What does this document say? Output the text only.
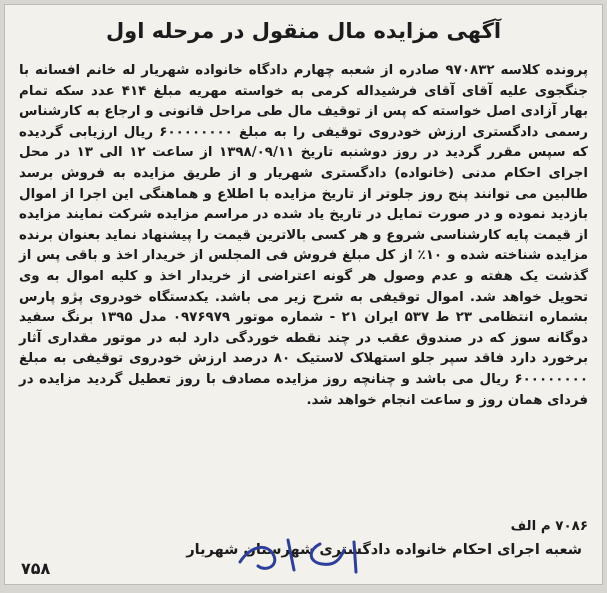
آگهی مزایده مال منقول در مرحله اول

پرونده کلاسه ۹۷۰۸۳۲ صادره از شعبه چهارم دادگاه خانواده شهریار له خانم افسانه با جنگجوی علیه آقای آقای فرشیداله کرمی به خواسته مهریه مبلغ ۴۱۴ عدد سکه تمام بهار آزادی اصل خواسته که پس از توقیف مال طی مراحل قانونی و ارجاع به کارشناس رسمی دادگستری ارزش خودروی توقیفی را به مبلغ ۶۰۰۰۰۰۰۰۰ ریال ارزیابی گردیده که سپس مقرر گردید در روز دوشنبه تاریخ ۱۳۹۸/۰۹/۱۱ از ساعت ۱۲ الی ۱۳ در محل اجرای احکام مدنی (خانواده) دادگستری شهریار و از طریق مزایده به فروش برسد طالبین می توانند پنج روز جلوتر از تاریخ مزایده با اطلاع و هماهنگی این اجرا از اموال بازدید نموده و در صورت تمایل در تاریخ یاد شده در مراسم مزایده شرکت نمایند مزایده از قیمت پایه کارشناسی شروع و هر کسی بالاترین قیمت را پیشنهاد نماید بعنوان برنده مزایده شناخته شده و ۱۰٪ از کل مبلغ فروش فی المجلس از خریدار اخذ و باقی پس از گذشت یک هفته و عدم وصول هر گونه اعتراضی از خریدار اخذ و کلیه اموال به وی تحویل خواهد شد. اموال توقیفی به شرح زیر می باشد. یکدستگاه خودروی پژو پارس بشماره انتظامی ۲۳ ط ۵۳۷ ایران ۲۱ - شماره موتور ۰۹۷۶۹۷۹ مدل ۱۳۹۵ برنگ سفید دوگانه سوز که در صندوق عقب در چند نقطه خوردگی دارد لبه در موتور مقداری آثار برخورد دارد فاقد سپر جلو استهلاک لاستیک ۸۰ درصد ارزش خودروی توقیفی به مبلغ ۶۰۰۰۰۰۰۰۰ ریال می باشد و چنانچه روز مزایده مصادف با روز تعطیل گردید مزایده در فردای همان روز و ساعت انجام خواهد شد.

۷۰۸۶ م الف
شعبه اجرای احکام خانواده دادگستری شهرستان شهریار
۷۵۸
